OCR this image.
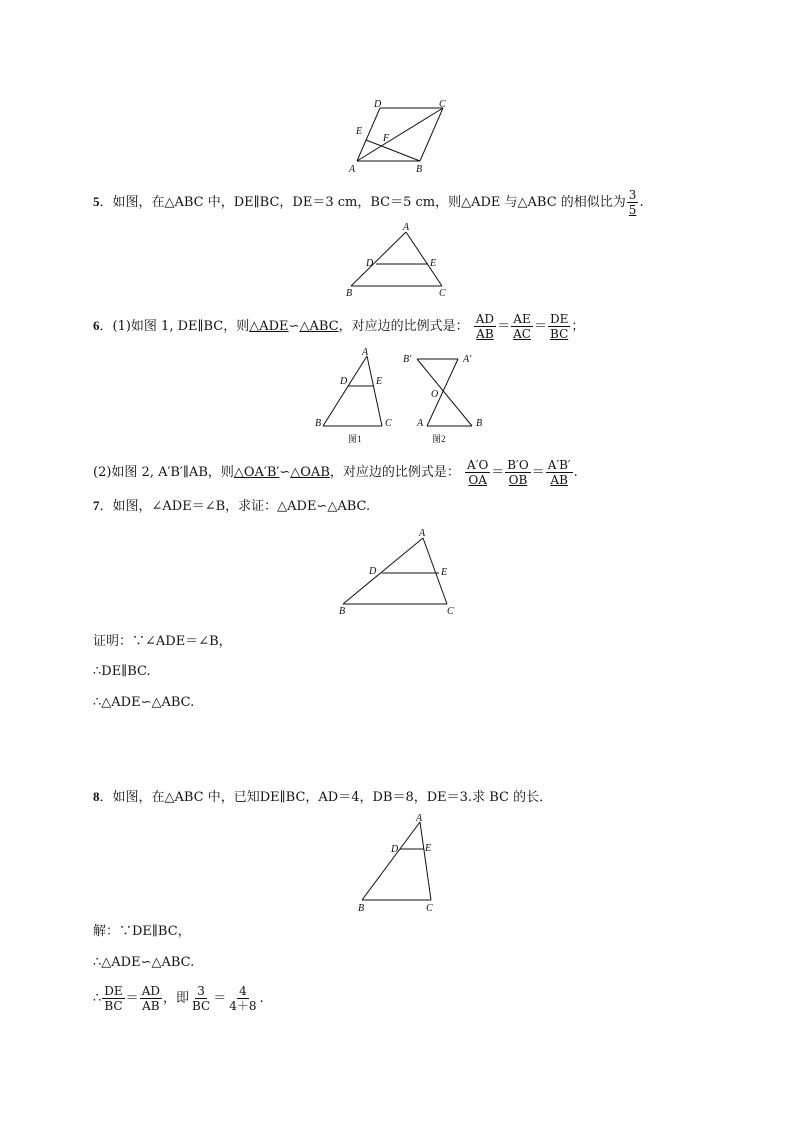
D	C
E
F
A	B
5．如图，在△ABC 中，DE∥BC，DE＝3 cm，BC＝5 cm，则△ADE 与△ABC 的相似比为 $\frac{3}{5}$ .
A
D	E
B	C
6．(1)如图 1, DE∥BC，则△ADE∽△ABC，对应边的比例式是： $\frac{AD}{AB} = \frac{AE}{AC} = \frac{DE}{BC}$ ；
A
D	E
B	C
B′	A′
O
A	B
图1	图2
(2)如图 2, A′B′∥AB，则△OA′B′∽△OAB，对应边的比例式是： $\frac{A'O}{OA} = \frac{B'O}{OB} = \frac{A'B'}{AB}$ .
7．如图，∠ADE＝∠B，求证：△ADE∽△ABC.
A
D	E
B	C
证明：∵∠ADE＝∠B，
∴DE∥BC.
∴△ADE∽△ABC.
8．如图，在△ABC 中，已知DE∥BC，AD＝4，DB＝8，DE＝3.求 BC 的长．
A
D	E
B	C
解：∵DE∥BC，
∴△ADE∽△ABC.
∴ $\frac{DE}{BC} = \frac{AD}{AB}$ ，即 $\frac{3}{BC} = \frac{4}{4+8}$ .
